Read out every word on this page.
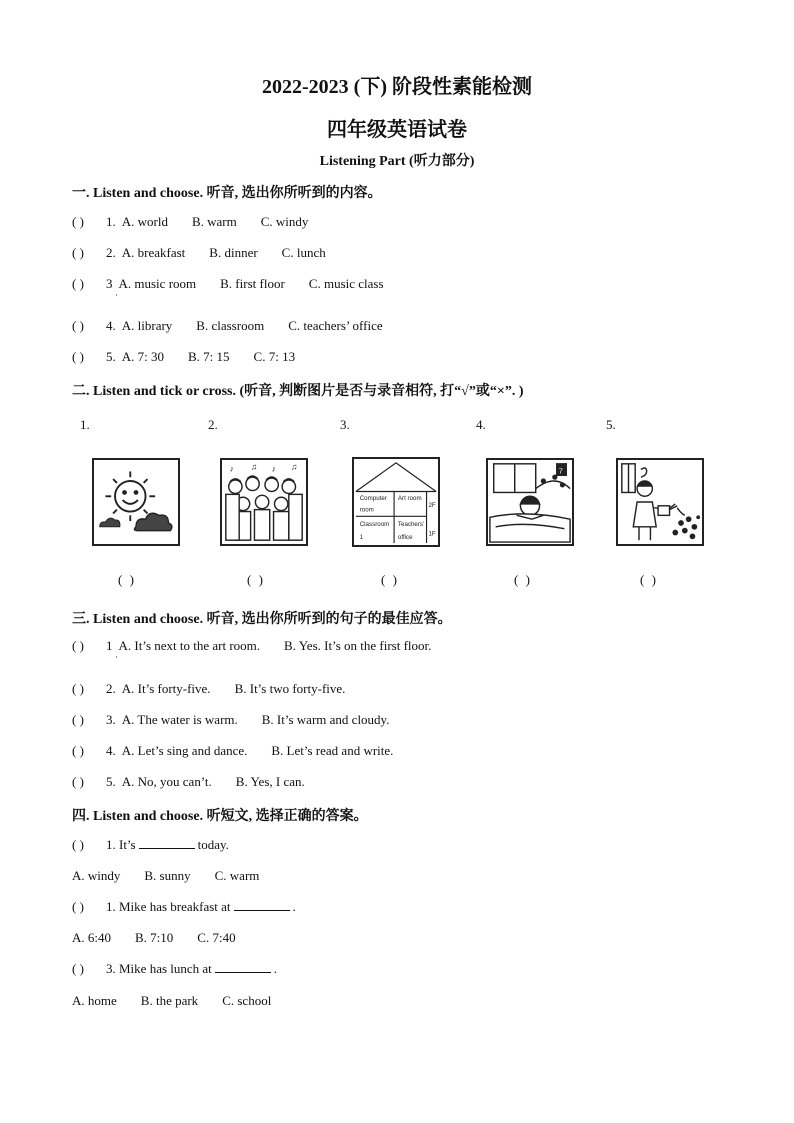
2022-2023 (下) 阶段性素能检测
四年级英语试卷
Listening Part (听力部分)
一. Listen and choose. 听音, 选出你所听到的内容。
( )	1. A. world B. warm C. windy
( )	2. A. breakfast B. dinner C. lunch
( )	3 A. music room B. first floor C. music class
·
( )	4. A. library B. classroom C. teachers’ office
( )	5. A. 7: 30 B. 7: 15 C. 7: 13
二. Listen and tick or cross. (听音, 判断图片是否与录音相符, 打“√”或“×”. )
1.	2.	3.	4.	5.
♪ ♫ ♪ ♫
Computer
room
Art room
2F
Classroom
1
Teachers'
office
1F
7
( )	( )	( )	( )	( )
三. Listen and choose. 听音, 选出你所听到的句子的最佳应答。
( )	1 A. It’s next to the art room. B. Yes. It’s on the first floor.
·
( )	2. A. It’s forty-five. B. It’s two forty-five.
( )	3. A. The water is warm. B. It’s warm and cloudy.
( )	4. A. Let’s sing and dance. B. Let’s read and write.
( )	5. A. No, you can’t. B. Yes, I can.
四. Listen and choose. 听短文, 选择正确的答案。
( )	1. It’s	today.
A. windy B. sunny C. warm
( )	1. Mike has breakfast at	.
A. 6:40 B. 7:10 C. 7:40
( )	3. Mike has lunch at	.
A. home B. the park C. school
